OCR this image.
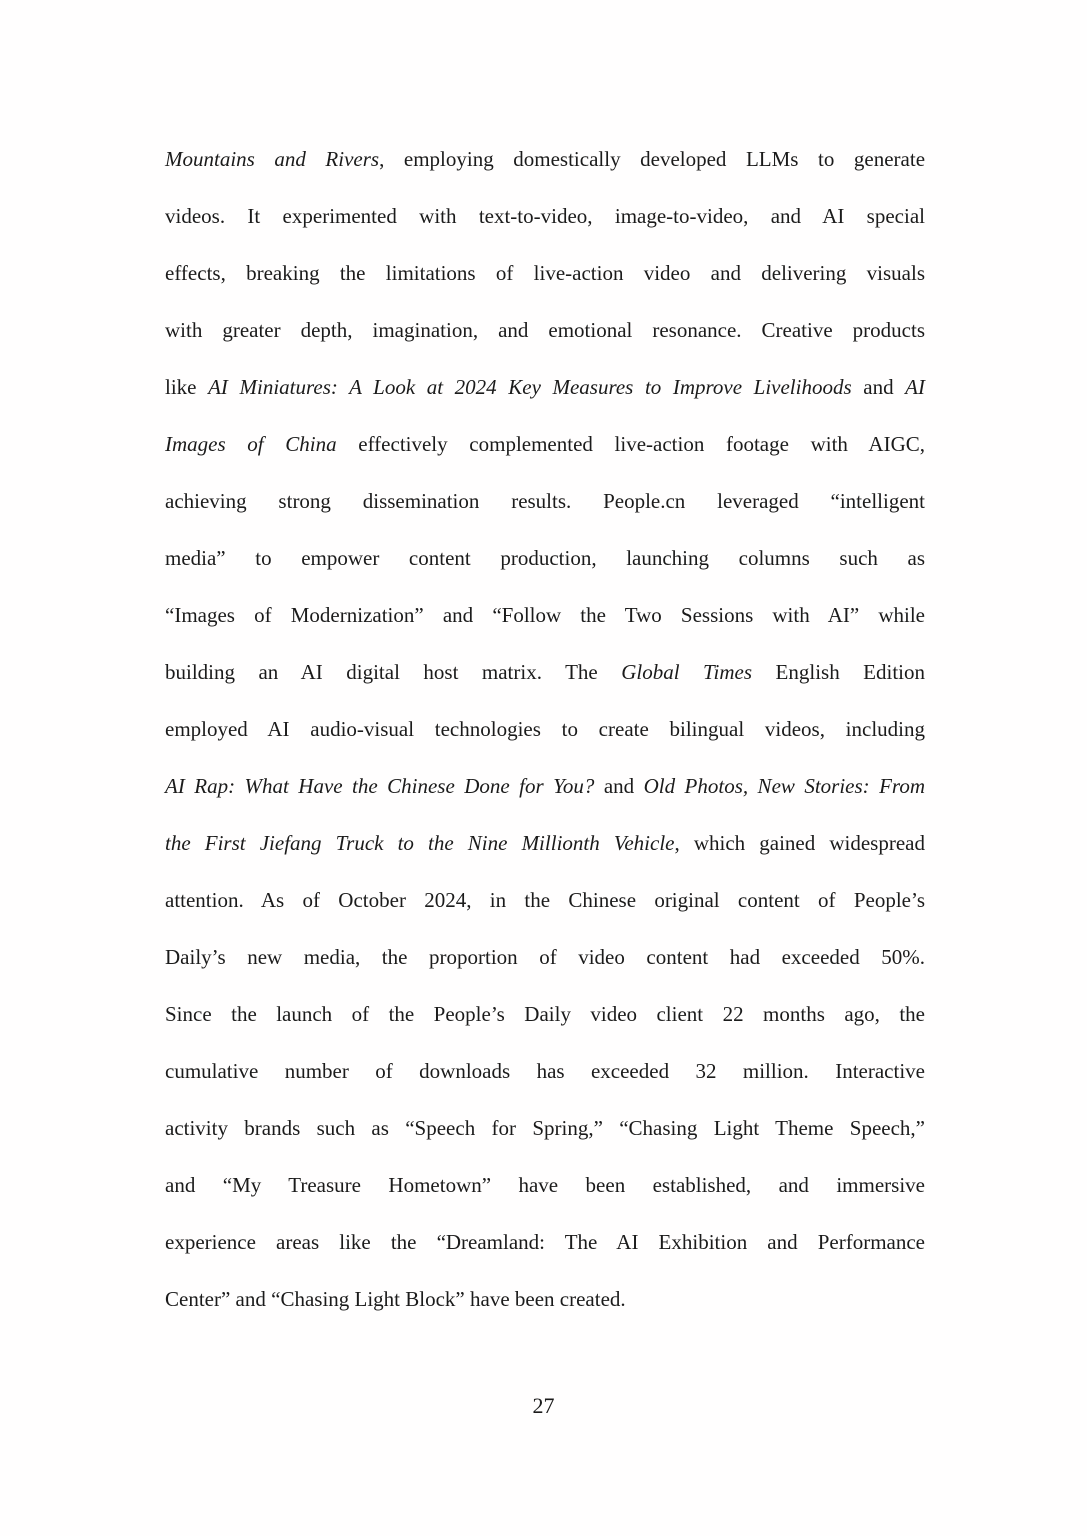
Mountains and Rivers, employing domestically developed LLMs to generate
videos. It experimented with text-to-video, image-to-video, and AI special
effects, breaking the limitations of live-action video and delivering visuals
with greater depth, imagination, and emotional resonance. Creative products
like AI Miniatures: A Look at 2024 Key Measures to Improve Livelihoods and AI
Images of China effectively complemented live-action footage with AIGC,
achieving strong dissemination results. People.cn leveraged “intelligent
media” to empower content production, launching columns such as
“Images of Modernization” and “Follow the Two Sessions with AI” while
building an AI digital host matrix. The Global Times English Edition
employed AI audio-visual technologies to create bilingual videos, including
AI Rap: What Have the Chinese Done for You? and Old Photos, New Stories: From
the First Jiefang Truck to the Nine Millionth Vehicle, which gained widespread
attention. As of October 2024, in the Chinese original content of People’s
Daily’s new media, the proportion of video content had exceeded 50%.
Since the launch of the People’s Daily video client 22 months ago, the
cumulative number of downloads has exceeded 32 million. Interactive
activity brands such as “Speech for Spring,” “Chasing Light Theme Speech,”
and “My Treasure Hometown” have been established, and immersive
experience areas like the “Dreamland: The AI Exhibition and Performance
Center” and “Chasing Light Block” have been created.
27
